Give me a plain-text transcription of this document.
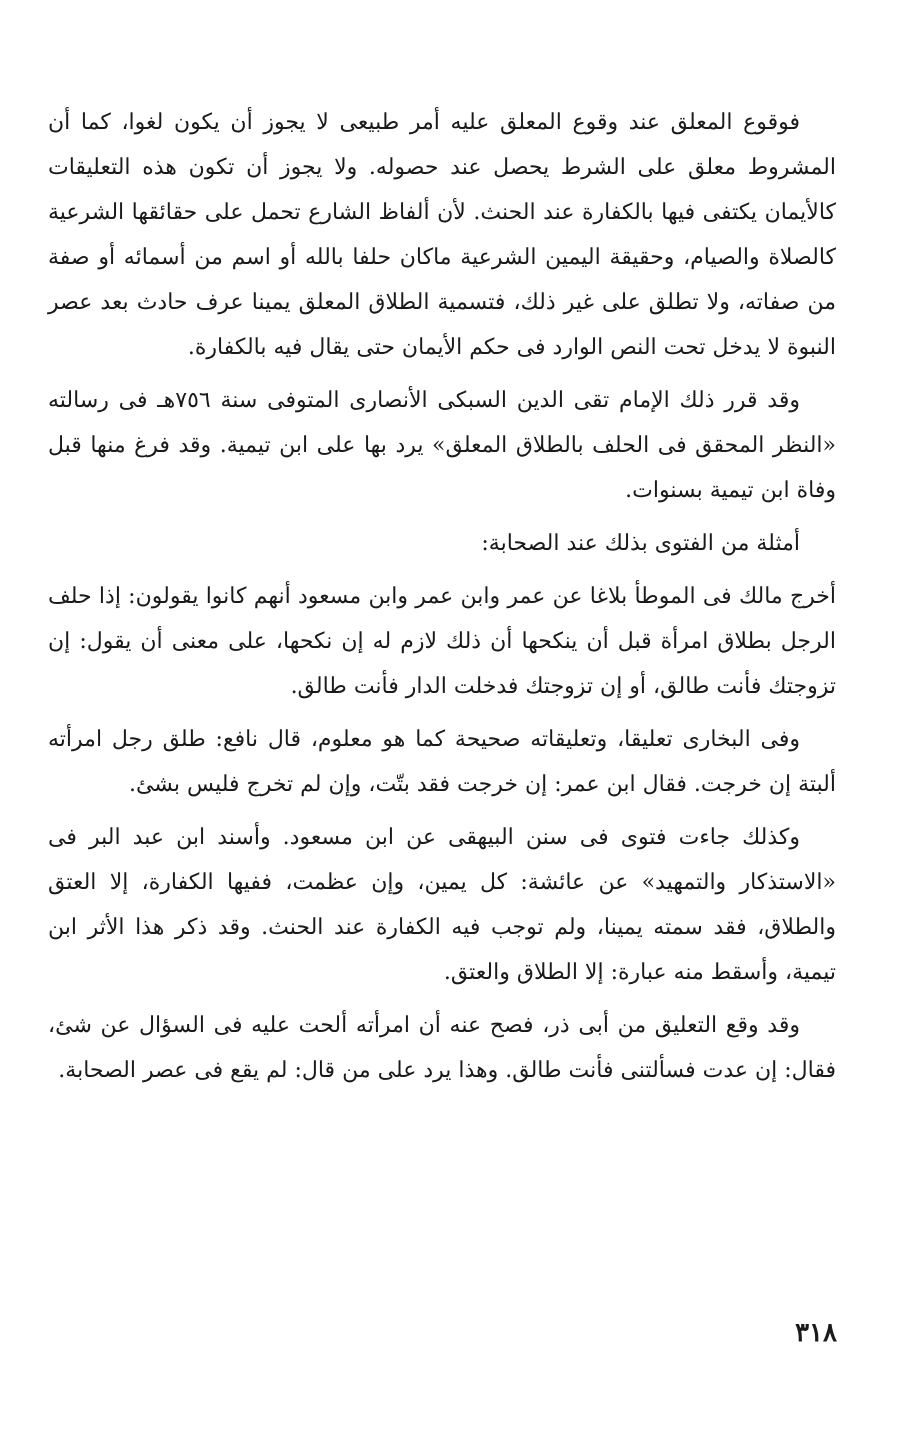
فوقوع المعلق عند وقوع المعلق عليه أمر طبيعى لا يجوز أن يكون لغوا، كما أن المشروط معلق على الشرط يحصل عند حصوله. ولا يجوز أن تكون هذه التعليقات كالأيمان يكتفى فيها بالكفارة عند الحنث. لأن ألفاظ الشارع تحمل على حقائقها الشرعية كالصلاة والصيام، وحقيقة اليمين الشرعية ماكان حلفا بالله أو اسم من أسمائه أو صفة من صفاته، ولا تطلق على غير ذلك، فتسمية الطلاق المعلق يمينا عرف حادث بعد عصر النبوة لا يدخل تحت النص الوارد فى حكم الأيمان حتى يقال فيه بالكفارة.

وقد قرر ذلك الإمام تقى الدين السبكى الأنصارى المتوفى سنة ٧٥٦هـ فى رسالته «النظر المحقق فى الحلف بالطلاق المعلق» يرد بها على ابن تيمية. وقد فرغ منها قبل وفاة ابن تيمية بسنوات.

أمثلة من الفتوى بذلك عند الصحابة:

أخرج مالك فى الموطأ بلاغا عن عمر وابن عمر وابن مسعود أنهم كانوا يقولون: إذا حلف الرجل بطلاق امرأة قبل أن ينكحها أن ذلك لازم له إن نكحها، على معنى أن يقول: إن تزوجتك فأنت طالق، أو إن تزوجتك فدخلت الدار فأنت طالق.

وفى البخارى تعليقا، وتعليقاته صحيحة كما هو معلوم، قال نافع: طلق رجل امرأته ألبتة إن خرجت. فقال ابن عمر: إن خرجت فقد بتّت، وإن لم تخرج فليس بشئ.

وكذلك جاءت فتوى فى سنن البيهقى عن ابن مسعود. وأسند ابن عبد البر فى «الاستذكار والتمهيد» عن عائشة: كل يمين، وإن عظمت، ففيها الكفارة، إلا العتق والطلاق، فقد سمته يمينا، ولم توجب فيه الكفارة عند الحنث. وقد ذكر هذا الأثر ابن تيمية، وأسقط منه عبارة: إلا الطلاق والعتق.

وقد وقع التعليق من أبى ذر، فصح عنه أن امرأته ألحت عليه فى السؤال عن شئ، فقال: إن عدت فسألتنى فأنت طالق. وهذا يرد على من قال: لم يقع فى عصر الصحابة.

٣١٨
